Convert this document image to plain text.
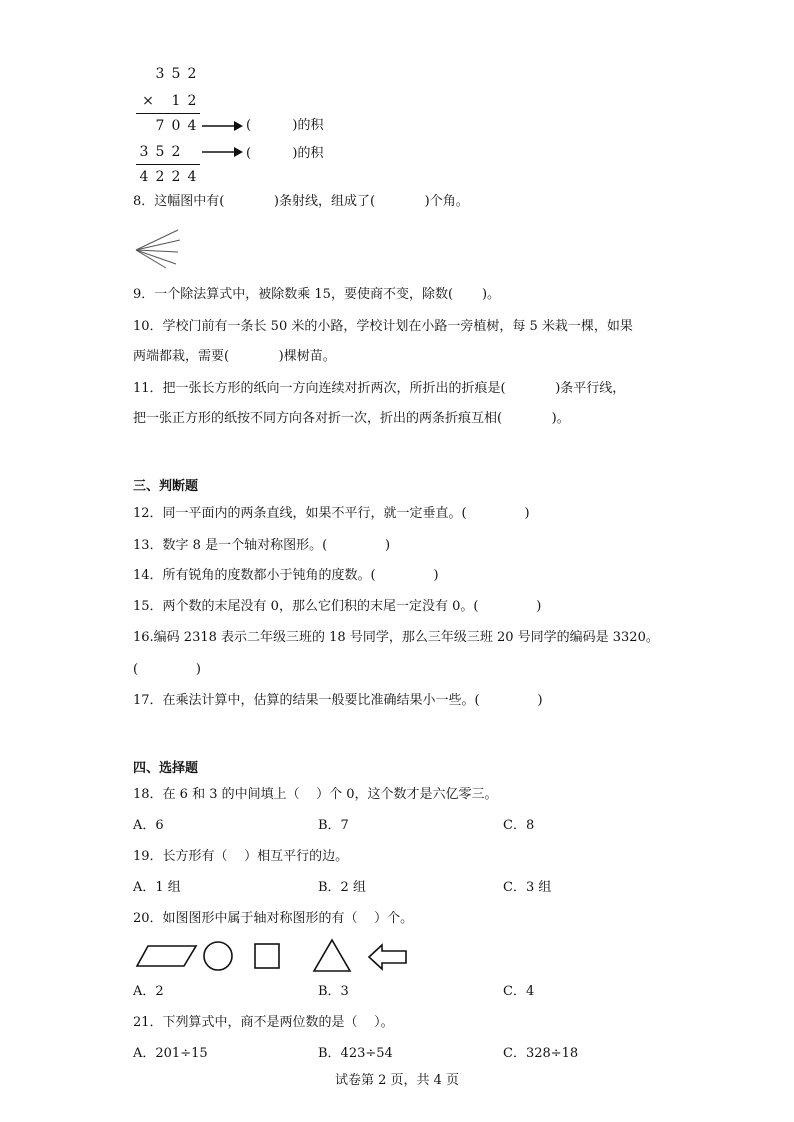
3 5 2
× 1 2
7 0 4	(          )的积
3 5 2	(          )的积
4 2 2 4
8．这幅图中有(            )条射线，组成了(            )个角。
9．一个除法算式中，被除数乘 15，要使商不变，除数(       )。
10．学校门前有一条长 50 米的小路，学校计划在小路一旁植树，每 5 米栽一棵，如果
两端都栽，需要(            )棵树苗。
11．把一张长方形的纸向一方向连续对折两次，所折出的折痕是(            )条平行线，
把一张正方形的纸按不同方向各对折一次，折出的两条折痕互相(            )。
三、判断题
12．同一平面内的两条直线，如果不平行，就一定垂直。(              )
13．数字 8 是一个轴对称图形。(              )
14．所有锐角的度数都小于钝角的度数。(              )
15．两个数的末尾没有 0，那么它们积的末尾一定没有 0。(              )
16.编码 2318 表示二年级三班的 18 号同学，那么三年级三班 20 号同学的编码是 3320。
(              )
17．在乘法计算中，估算的结果一般要比准确结果小一些。(              )
四、选择题
18．在 6 和 3 的中间填上（    ）个 0，这个数才是六亿零三。
A．6	B．7	C．8
19．长方形有（    ）相互平行的边。
A．1 组	B．2 组	C．3 组
20．如图图形中属于轴对称图形的有（    ）个。
A．2	B．3	C．4
21．下列算式中，商不是两位数的是（    ）。
A．201÷15	B．423÷54	C．328÷18
试卷第 2 页，共 4 页
